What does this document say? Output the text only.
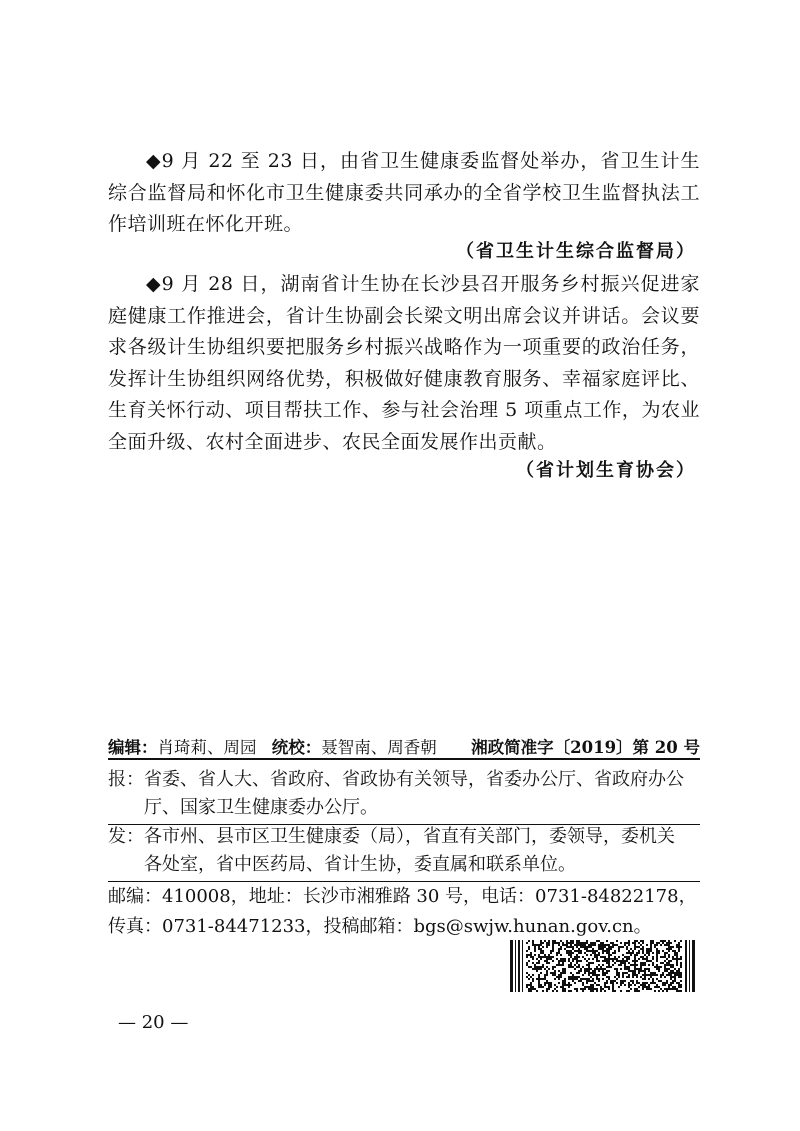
◆9 月 22 至 23 日，由省卫生健康委监督处举办，省卫生计生综合监督局和怀化市卫生健康委共同承办的全省学校卫生监督执法工作培训班在怀化开班。

（省卫生计生综合监督局）

◆9 月 28 日，湖南省计生协在长沙县召开服务乡村振兴促进家庭健康工作推进会，省计生协副会长梁文明出席会议并讲话。会议要求各级计生协组织要把服务乡村振兴战略作为一项重要的政治任务，发挥计生协组织网络优势，积极做好健康教育服务、幸福家庭评比、生育关怀行动、项目帮扶工作、参与社会治理 5 项重点工作，为农业全面升级、农村全面进步、农民全面发展作出贡献。

（省计划生育协会）
编辑：肖琦莉、周园 统校：聂智南、周香朝 湘政简准字〔2019〕第 20 号
报：省委、省人大、省政府、省政协有关领导，省委办公厅、省政府办公
厅、国家卫生健康委办公厅。
发：各市州、县市区卫生健康委（局），省直有关部门，委领导，委机关
各处室，省中医药局、省计生协，委直属和联系单位。
邮编：410008，地址：长沙市湘雅路 30 号，电话：0731-84822178，
传真：0731-84471233，投稿邮箱：bgs@swjw.hunan.gov.cn。
— 20 —
